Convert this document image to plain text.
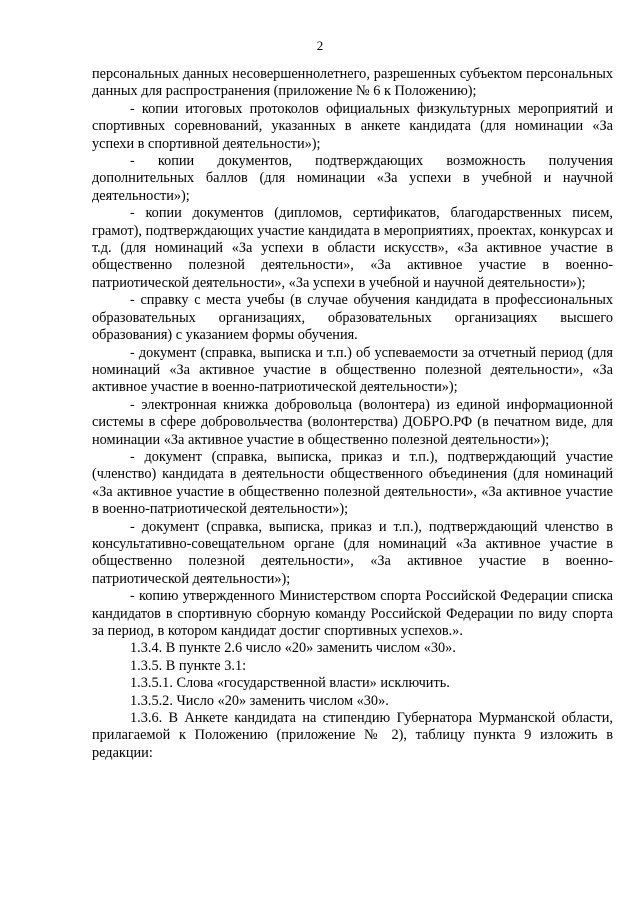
2

персональных данных несовершеннолетнего, разрешенных субъектом персональных данных для распространения (приложение № 6 к Положению);

- копии итоговых протоколов официальных физкультурных мероприятий и спортивных соревнований, указанных в анкете кандидата (для номинации «За успехи в спортивной деятельности»);

- копии документов, подтверждающих возможность получения дополнительных баллов (для номинации «За успехи в учебной и научной деятельности»);

- копии документов (дипломов, сертификатов, благодарственных писем, грамот), подтверждающих участие кандидата в мероприятиях, проектах, конкурсах и т.д. (для номинаций «За успехи в области искусств», «За активное участие в общественно полезной деятельности», «За активное участие в военно-патриотической деятельности», «За успехи в учебной и научной деятельности»);

- справку с места учебы (в случае обучения кандидата в профессиональных образовательных организациях, образовательных организациях высшего образования) с указанием формы обучения.

- документ (справка, выписка и т.п.) об успеваемости за отчетный период (для номинаций «За активное участие в общественно полезной деятельности», «За активное участие в военно-патриотической деятельности»);

- электронная книжка добровольца (волонтера) из единой информационной системы в сфере добровольчества (волонтерства) ДОБРО.РФ (в печатном виде, для номинации «За активное участие в общественно полезной деятельности»);

- документ (справка, выписка, приказ и т.п.), подтверждающий участие (членство) кандидата в деятельности общественного объединения (для номинаций «За активное участие в общественно полезной деятельности», «За активное участие в военно-патриотической деятельности»);

- документ (справка, выписка, приказ и т.п.), подтверждающий членство в консультативно-совещательном органе (для номинаций «За активное участие в общественно полезной деятельности», «За активное участие в военно-патриотической деятельности»);

- копию утвержденного Министерством спорта Российской Федерации списка кандидатов в спортивную сборную команду Российской Федерации по виду спорта за период, в котором кандидат достиг спортивных успехов.».

1.3.4. В пункте 2.6 число «20» заменить числом «30».

1.3.5. В пункте 3.1:

1.3.5.1. Слова «государственной власти» исключить.

1.3.5.2. Число «20» заменить числом «30».

1.3.6. В Анкете кандидата на стипендию Губернатора Мурманской области, прилагаемой к Положению (приложение № 2), таблицу пункта 9 изложить в редакции:
